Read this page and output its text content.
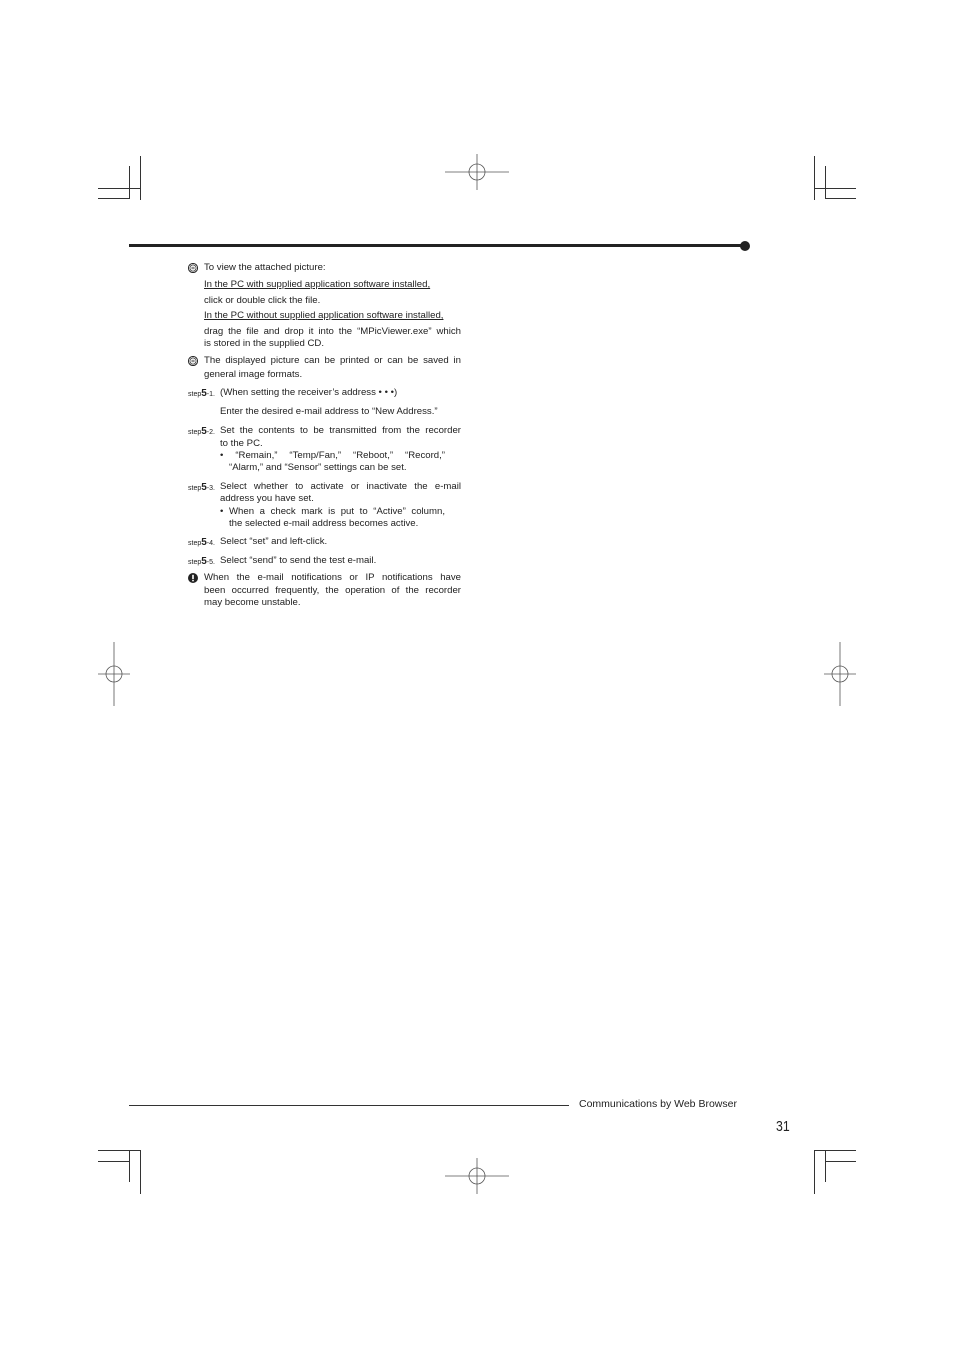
To view the attached picture:
In the PC with supplied application software installed,
click or double click the file.
In the PC without supplied application software installed,
drag the file and drop it into the “MPicViewer.exe” which
is stored in the supplied CD.
The displayed picture can be printed or can be saved in
general image formats.
step5-1. (When setting the receiver’s address • • •)
Enter the desired e-mail address to “New Address.”
step5-2. Set the contents to be transmitted from the recorder
to the PC.
• “Remain,” “Temp/Fan,” “Reboot,” “Record,”
“Alarm,” and “Sensor” settings can be set.
step5-3. Select whether to activate or inactivate the e-mail
address you have set.
• When a check mark is put to “Active” column,
the selected e-mail address becomes active.
step5-4. Select “set” and left-click.
step5-5. Select “send” to send the test e-mail.
When the e-mail notifications or IP notifications have
been occurred frequently, the operation of the recorder
may become unstable.
Communications by Web Browser
31
